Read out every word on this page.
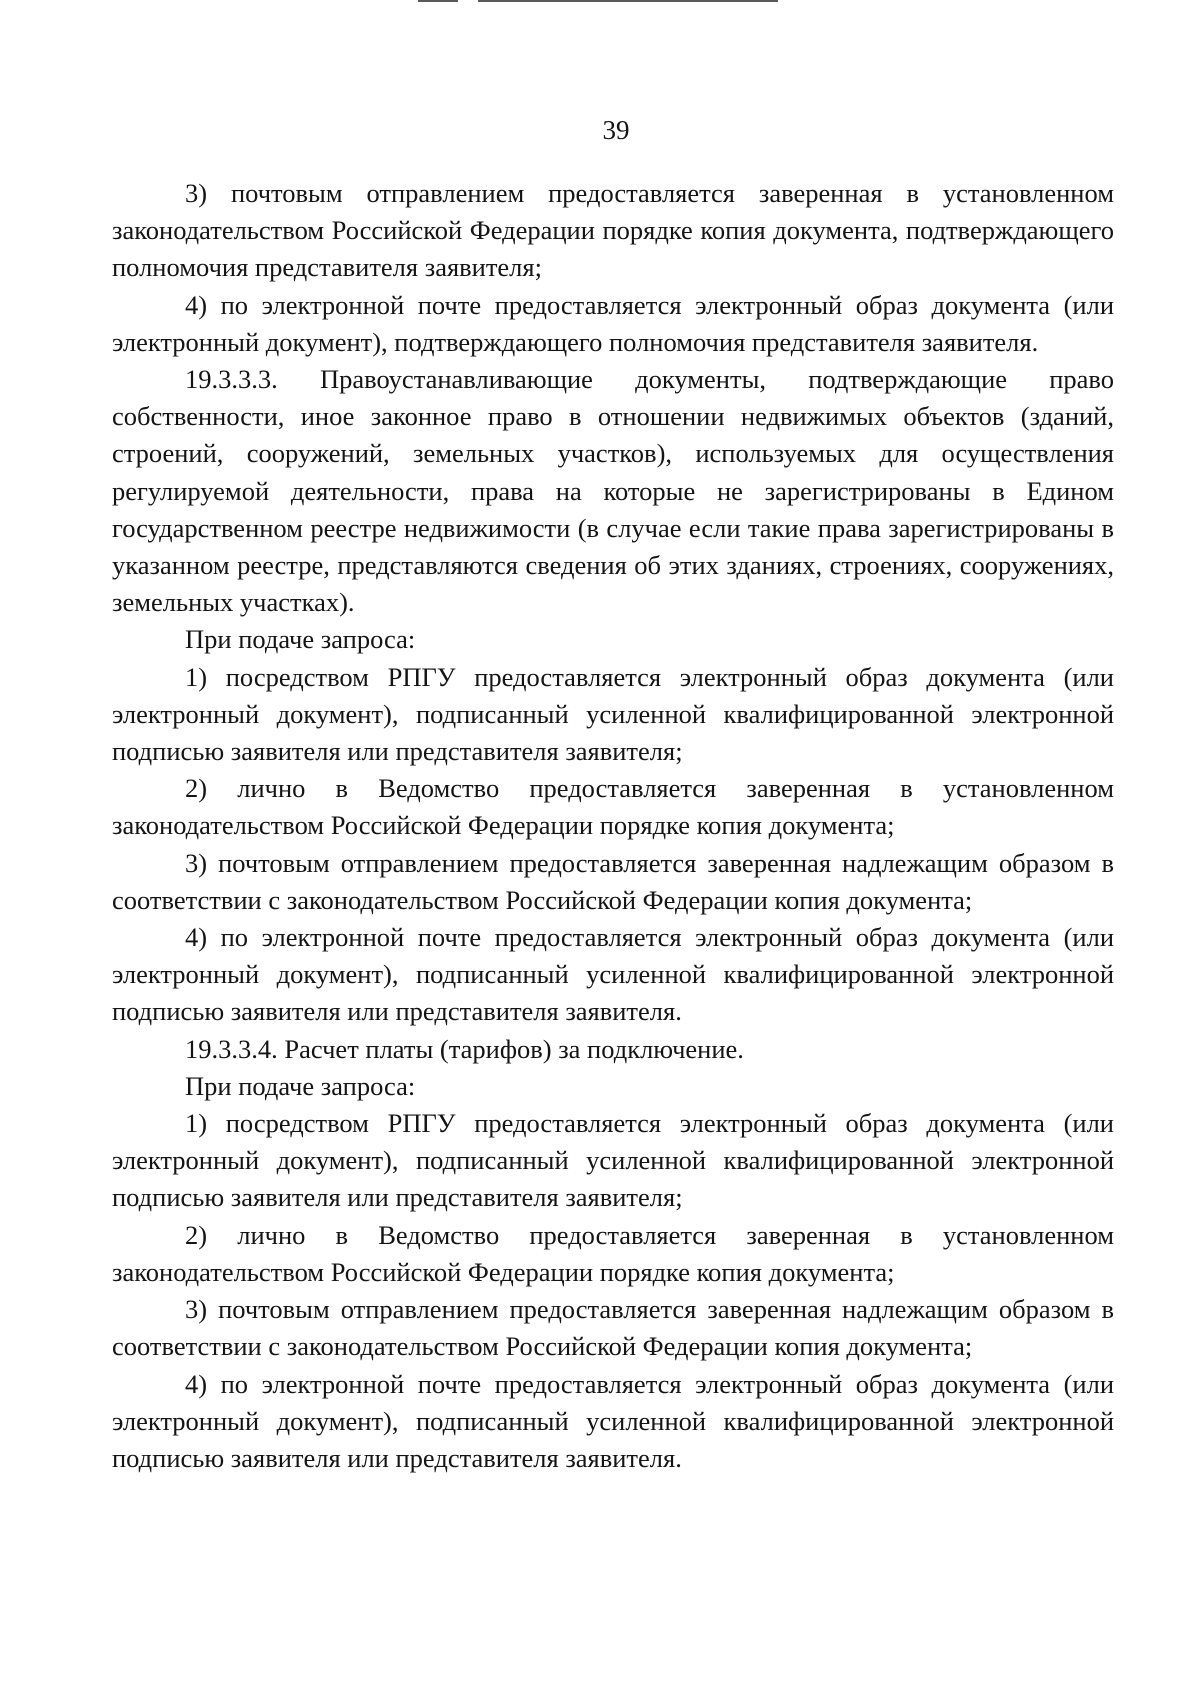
39

3) почтовым отправлением предоставляется заверенная в установленном законодательством Российской Федерации порядке копия документа, подтверждающего полномочия представителя заявителя;

4) по электронной почте предоставляется электронный образ документа (или электронный документ), подтверждающего полномочия представителя заявителя.

19.3.3.3. Правоустанавливающие документы, подтверждающие право собственности, иное законное право в отношении недвижимых объектов (зданий, строений, сооружений, земельных участков), используемых для осуществления регулируемой деятельности, права на которые не зарегистрированы в Едином государственном реестре недвижимости (в случае если такие права зарегистрированы в указанном реестре, представляются сведения об этих зданиях, строениях, сооружениях, земельных участках).

При подаче запроса:

1) посредством РПГУ предоставляется электронный образ документа (или электронный документ), подписанный усиленной квалифицированной электронной подписью заявителя или представителя заявителя;

2) лично в Ведомство предоставляется заверенная в установленном законодательством Российской Федерации порядке копия документа;

3) почтовым отправлением предоставляется заверенная надлежащим образом в соответствии с законодательством Российской Федерации копия документа;

4) по электронной почте предоставляется электронный образ документа (или электронный документ), подписанный усиленной квалифицированной электронной подписью заявителя или представителя заявителя.

19.3.3.4. Расчет платы (тарифов) за подключение.

При подаче запроса:

1) посредством РПГУ предоставляется электронный образ документа (или электронный документ), подписанный усиленной квалифицированной электронной подписью заявителя или представителя заявителя;

2) лично в Ведомство предоставляется заверенная в установленном законодательством Российской Федерации порядке копия документа;

3) почтовым отправлением предоставляется заверенная надлежащим образом в соответствии с законодательством Российской Федерации копия документа;

4) по электронной почте предоставляется электронный образ документа (или электронный документ), подписанный усиленной квалифицированной электронной подписью заявителя или представителя заявителя.
